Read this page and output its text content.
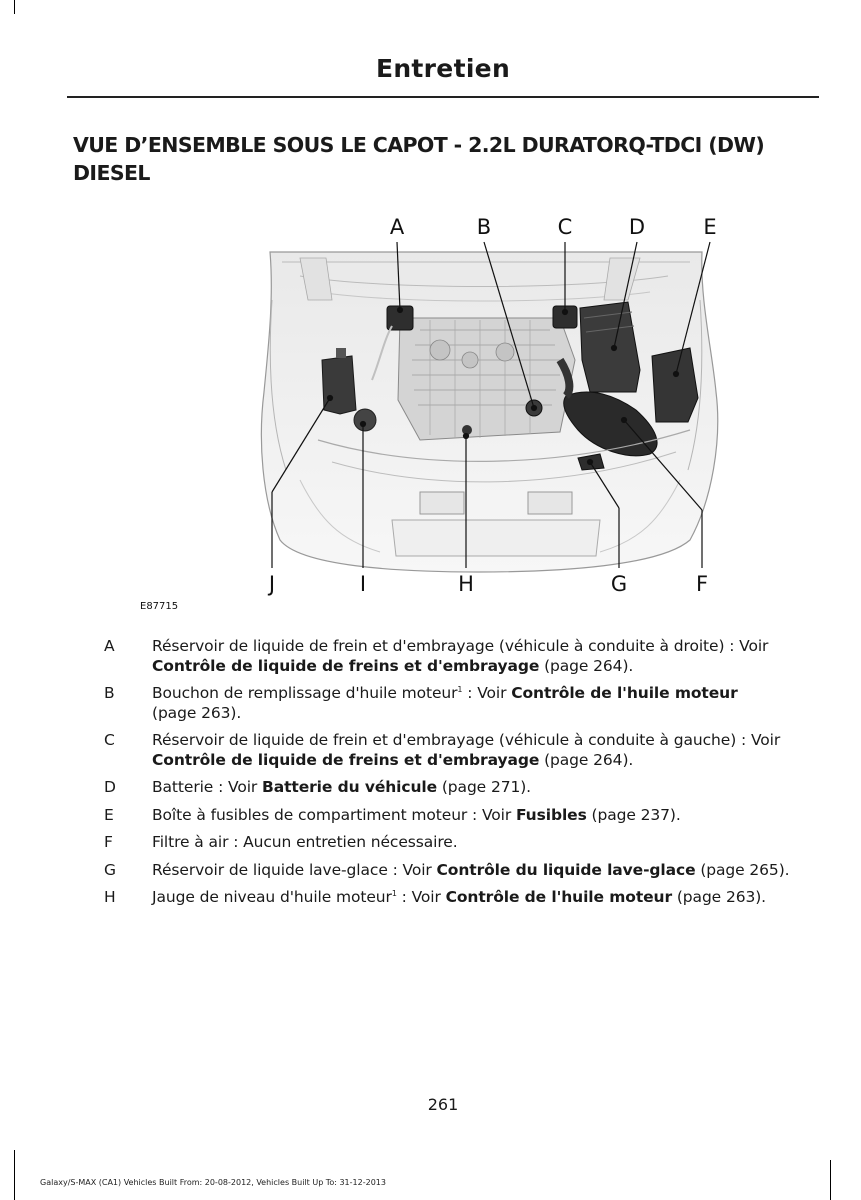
Entretien
VUE D’ENSEMBLE SOUS LE CAPOT - 2.2L DURATORQ-TDCI (DW) DIESEL
A	B	C	D	E
J	I	H	G	F
E87715
A Réservoir de liquide de frein et d'embrayage (véhicule à conduite à droite) : Voir Contrôle de liquide de freins et d'embrayage (page 264).
B Bouchon de remplissage d'huile moteur$^1$ : Voir Contrôle de l'huile moteur
(page 263).
C Réservoir de liquide de frein et d'embrayage (véhicule à conduite à gauche) : Voir Contrôle de liquide de freins et d'embrayage (page 264).
D Batterie : Voir Batterie du véhicule (page 271).
E Boîte à fusibles de compartiment moteur : Voir Fusibles (page 237).
F	Filtre à air : Aucun entretien nécessaire.
G Réservoir de liquide lave-glace : Voir Contrôle du liquide lave-glace (page 265).
H Jauge de niveau d'huile moteur$^1$ : Voir Contrôle de l'huile moteur (page 263).
261
Galaxy/S-MAX (CA1) Vehicles Built From: 20-08-2012, Vehicles Built Up To: 31-12-2013
